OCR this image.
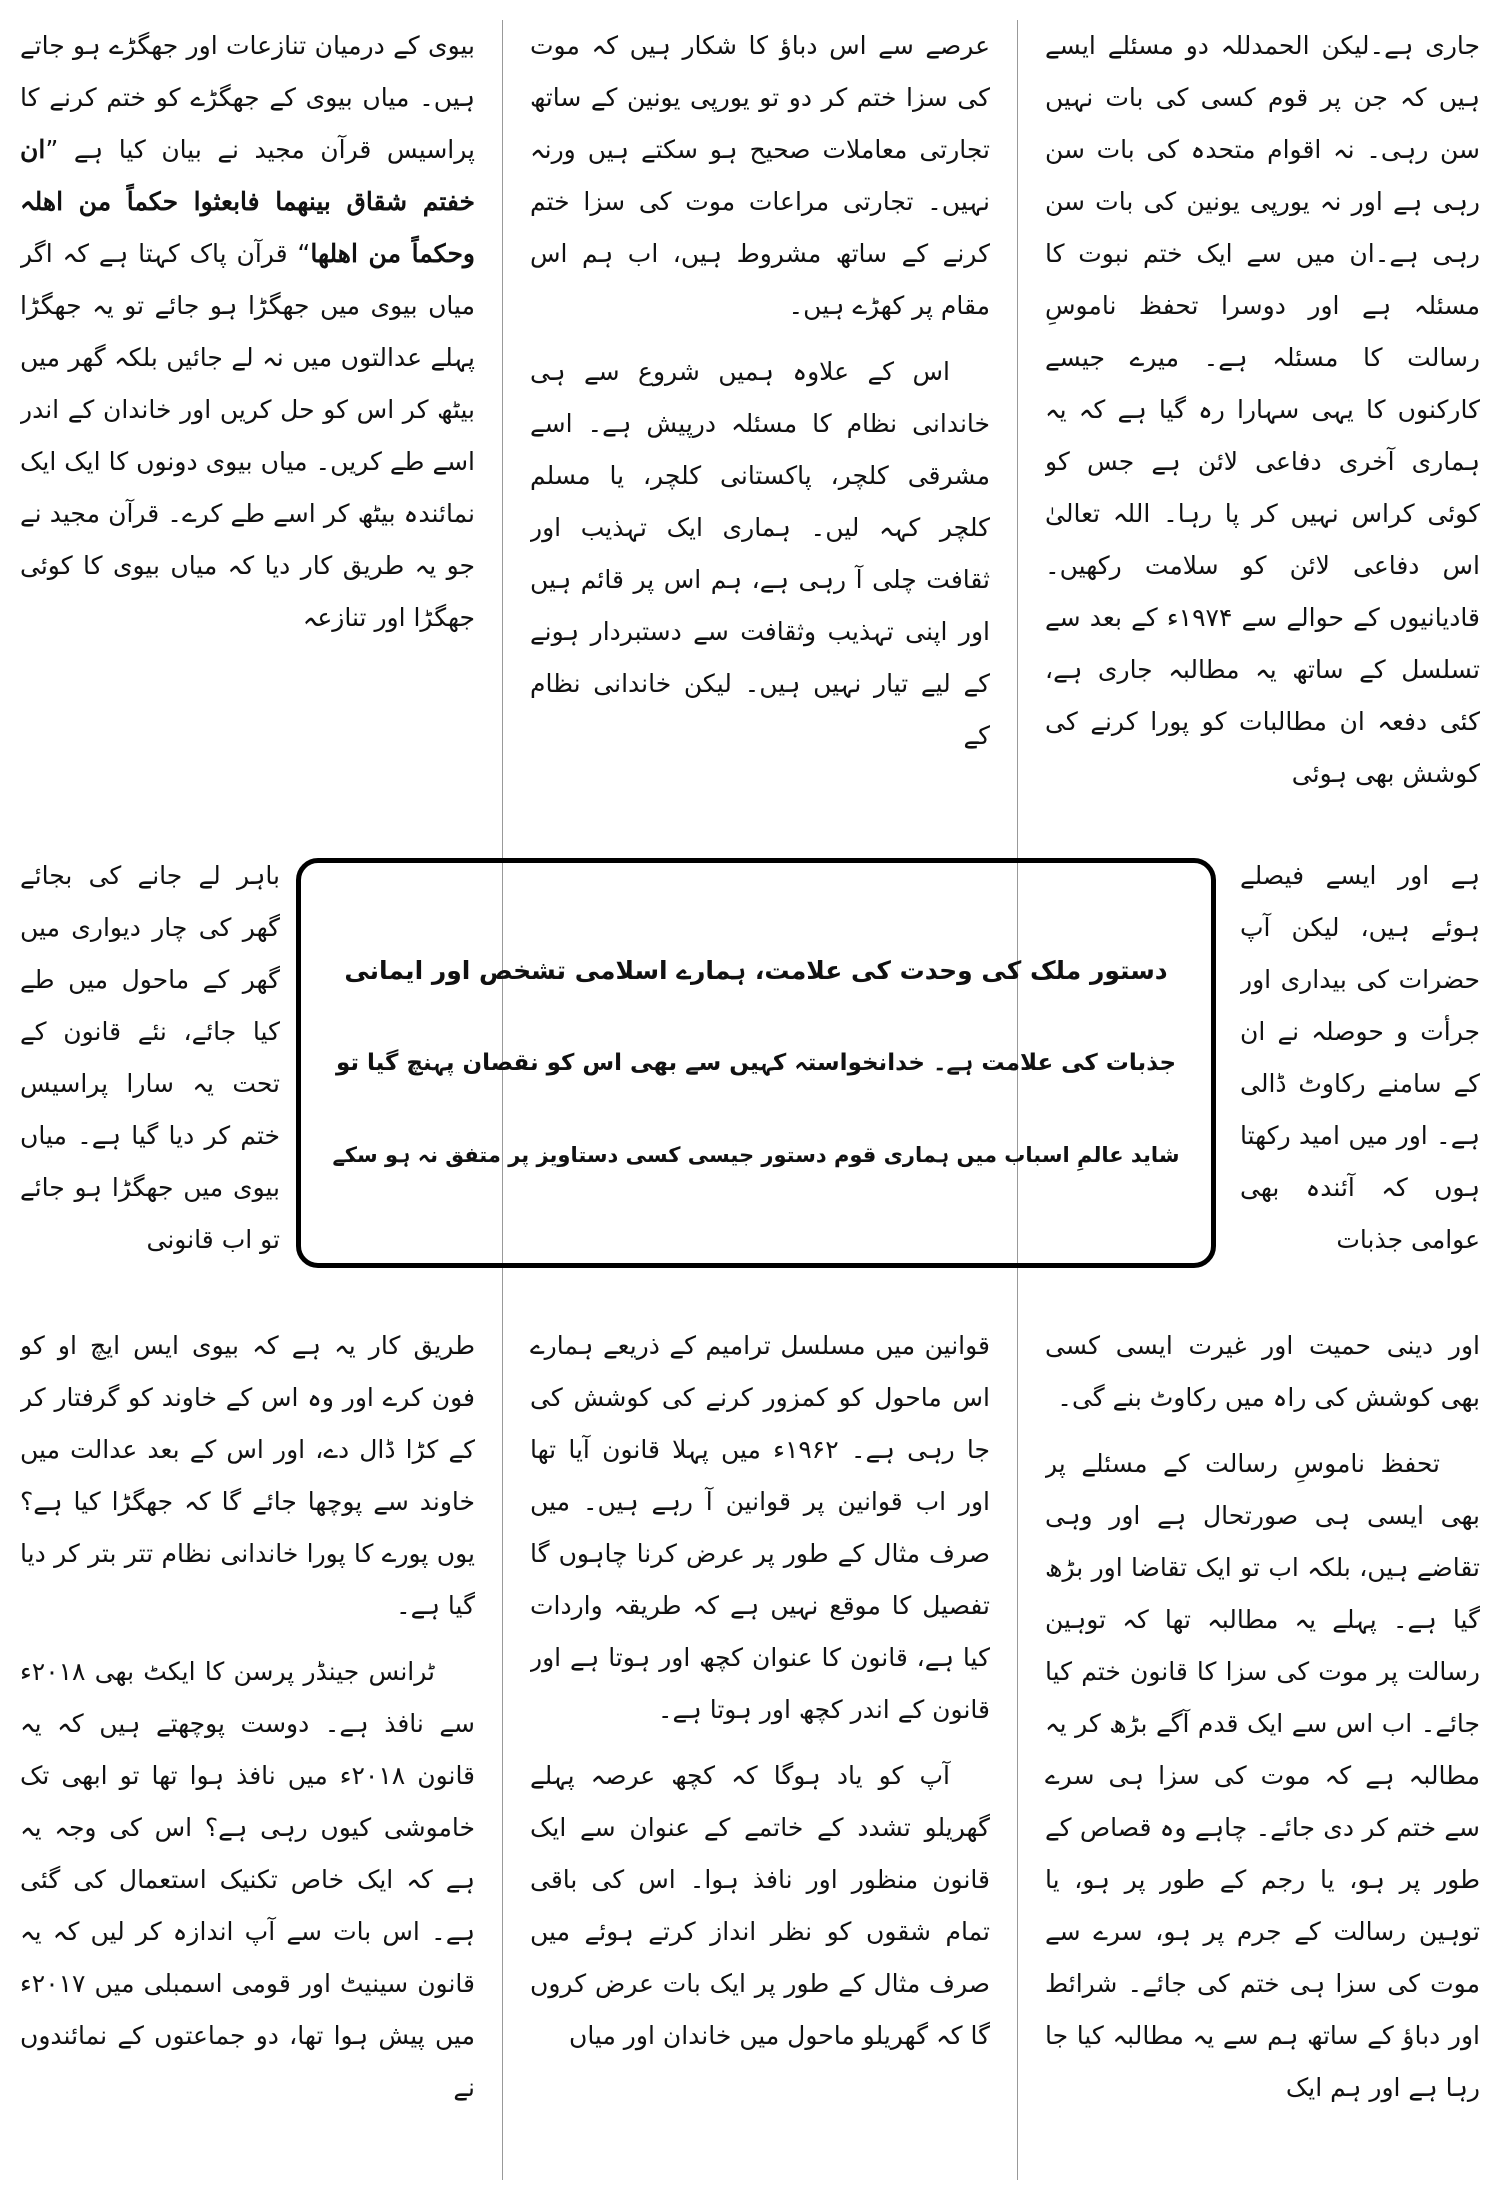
جاری ہے۔لیکن الحمدللہ دو مسئلے ایسے ہیں کہ جن پر قوم کسی کی بات نہیں سن رہی۔ نہ اقوام متحدہ کی بات سن رہی ہے اور نہ یورپی یونین کی بات سن رہی ہے۔ان میں سے ایک ختم نبوت کا مسئلہ ہے اور دوسرا تحفظ ناموسِ رسالت کا مسئلہ ہے۔ میرے جیسے کارکنوں کا یہی سہارا رہ گیا ہے کہ یہ ہماری آخری دفاعی لائن ہے جس کو کوئی کراس نہیں کر پا رہا۔ اللہ تعالیٰ اس دفاعی لائن کو سلامت رکھیں۔ قادیانیوں کے حوالے سے ۱۹۷۴ء کے بعد سے تسلسل کے ساتھ یہ مطالبہ جاری ہے، کئی دفعہ ان مطالبات کو پورا کرنے کی کوشش بھی ہوئی

ہے اور ایسے فیصلے ہوئے ہیں، لیکن آپ حضرات کی بیداری اور جرأت و حوصلہ نے ان کے سامنے رکاوٹ ڈالی ہے۔ اور میں امید رکھتا ہوں کہ آئندہ بھی عوامی جذبات

اور دینی حمیت اور غیرت ایسی کسی بھی کوشش کی راہ میں رکاوٹ بنے گی۔

تحفظ ناموسِ رسالت کے مسئلے پر بھی ایسی ہی صورتحال ہے اور وہی تقاضے ہیں، بلکہ اب تو ایک تقاضا اور بڑھ گیا ہے۔ پہلے یہ مطالبہ تھا کہ توہین رسالت پر موت کی سزا کا قانون ختم کیا جائے۔ اب اس سے ایک قدم آگے بڑھ کر یہ مطالبہ ہے کہ موت کی سزا ہی سرے سے ختم کر دی جائے۔ چاہے وہ قصاص کے طور پر ہو، یا رجم کے طور پر ہو، یا توہین رسالت کے جرم پر ہو، سرے سے موت کی سزا ہی ختم کی جائے۔ شرائط اور دباؤ کے ساتھ ہم سے یہ مطالبہ کیا جا رہا ہے اور ہم ایک

عرصے سے اس دباؤ کا شکار ہیں کہ موت کی سزا ختم کر دو تو یورپی یونین کے ساتھ تجارتی معاملات صحیح ہو سکتے ہیں ورنہ نہیں۔ تجارتی مراعات موت کی سزا ختم کرنے کے ساتھ مشروط ہیں، اب ہم اس مقام پر کھڑے ہیں۔

اس کے علاوہ ہمیں شروع سے ہی خاندانی نظام کا مسئلہ درپیش ہے۔ اسے مشرقی کلچر، پاکستانی کلچر، یا مسلم کلچر کہہ لیں۔ ہماری ایک تہذیب اور ثقافت چلی آ رہی ہے، ہم اس پر قائم ہیں اور اپنی تہذیب وثقافت سے دستبردار ہونے کے لیے تیار نہیں ہیں۔ لیکن خاندانی نظام کے

قوانین میں مسلسل ترامیم کے ذریعے ہمارے اس ماحول کو کمزور کرنے کی کوشش کی جا رہی ہے۔ ۱۹۶۲ء میں پہلا قانون آیا تھا اور اب قوانین پر قوانین آ رہے ہیں۔ میں صرف مثال کے طور پر عرض کرنا چاہوں گا تفصیل کا موقع نہیں ہے کہ طریقہ واردات کیا ہے، قانون کا عنوان کچھ اور ہوتا ہے اور قانون کے اندر کچھ اور ہوتا ہے۔

آپ کو یاد ہوگا کہ کچھ عرصہ پہلے گھریلو تشدد کے خاتمے کے عنوان سے ایک قانون منظور اور نافذ ہوا۔ اس کی باقی تمام شقوں کو نظر انداز کرتے ہوئے میں صرف مثال کے طور پر ایک بات عرض کروں گا کہ گھریلو ماحول میں خاندان اور میاں

بیوی کے درمیان تنازعات اور جھگڑے ہو جاتے ہیں۔ میاں بیوی کے جھگڑے کو ختم کرنے کا پراسیس قرآن مجید نے بیان کیا ہے ”ان خفتم شقاق بینھما فابعثوا حکماً من اھلہ وحکماً من اھلھا“ قرآن پاک کہتا ہے کہ اگر میاں بیوی میں جھگڑا ہو جائے تو یہ جھگڑا پہلے عدالتوں میں نہ لے جائیں بلکہ گھر میں بیٹھ کر اس کو حل کریں اور خاندان کے اندر اسے طے کریں۔ میاں بیوی دونوں کا ایک ایک نمائندہ بیٹھ کر اسے طے کرے۔ قرآن مجید نے جو یہ طریق کار دیا کہ میاں بیوی کا کوئی جھگڑا اور تنازعہ

باہر لے جانے کی بجائے گھر کی چار دیواری میں گھر کے ماحول میں طے کیا جائے، نئے قانون کے تحت یہ سارا پراسیس ختم کر دیا گیا ہے۔ میاں بیوی میں جھگڑا ہو جائے تو اب قانونی

طریق کار یہ ہے کہ بیوی ایس ایچ او کو فون کرے اور وہ اس کے خاوند کو گرفتار کر کے کڑا ڈال دے، اور اس کے بعد عدالت میں خاوند سے پوچھا جائے گا کہ جھگڑا کیا ہے؟ یوں پورے کا پورا خاندانی نظام تتر بتر کر دیا گیا ہے۔

ٹرانس جینڈر پرسن کا ایکٹ بھی ۲۰۱۸ء سے نافذ ہے۔ دوست پوچھتے ہیں کہ یہ قانون ۲۰۱۸ء میں نافذ ہوا تھا تو ابھی تک خاموشی کیوں رہی ہے؟ اس کی وجہ یہ ہے کہ ایک خاص تکنیک استعمال کی گئی ہے۔ اس بات سے آپ اندازہ کر لیں کہ یہ قانون سینیٹ اور قومی اسمبلی میں ۲۰۱۷ء میں پیش ہوا تھا، دو جماعتوں کے نمائندوں نے

دستور ملک کی وحدت کی علامت، ہمارے اسلامی تشخص اور ایمانی
جذبات کی علامت ہے۔ خدانخواستہ کہیں سے بھی اس کو نقصان پہنچ گیا تو
شاید عالمِ اسباب میں ہماری قوم دستور جیسی کسی دستاویز پر متفق نہ ہو سکے
